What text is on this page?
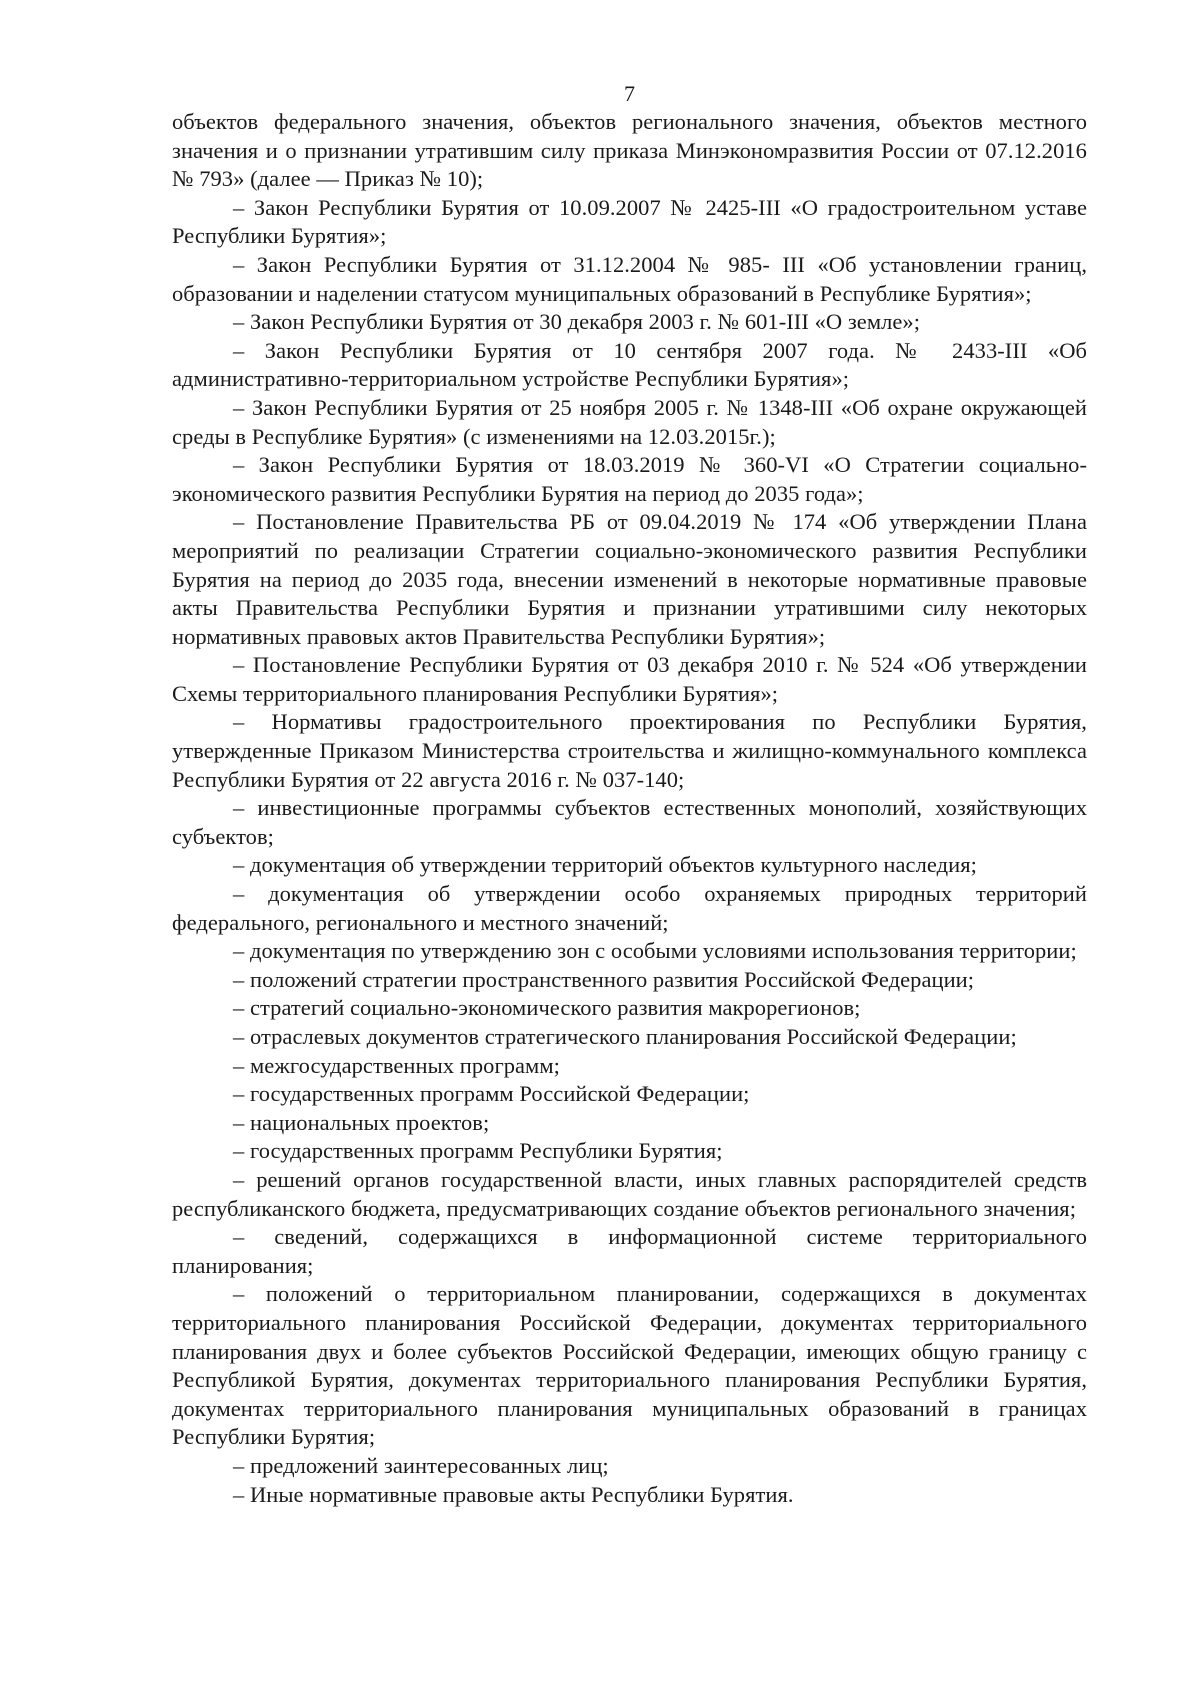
7

объектов федерального значения, объектов регионального значения, объектов местного значения и о признании утратившим силу приказа Минэкономразвития России от 07.12.2016 № 793» (далее — Приказ № 10);

– Закон Республики Бурятия от 10.09.2007 № 2425-III «О градостроительном уставе Республики Бурятия»;

– Закон Республики Бурятия от 31.12.2004 № 985- III «Об установлении границ, образовании и наделении статусом муниципальных образований в Республике Бурятия»;

– Закон Республики Бурятия от 30 декабря 2003 г. № 601-III «О земле»;

– Закон Республики Бурятия от 10 сентября 2007 года. № 2433-III «Об административно-территориальном устройстве Республики Бурятия»;

– Закон Республики Бурятия от 25 ноября 2005 г. № 1348-III «Об охране окружающей среды в Республике Бурятия» (с изменениями на 12.03.2015г.);

– Закон Республики Бурятия от 18.03.2019 № 360-VI «О Стратегии социально-экономического развития Республики Бурятия на период до 2035 года»;

– Постановление Правительства РБ от 09.04.2019 № 174 «Об утверждении Плана мероприятий по реализации Стратегии социально-экономического развития Республики Бурятия на период до 2035 года, внесении изменений в некоторые нормативные правовые акты Правительства Республики Бурятия и признании утратившими силу некоторых нормативных правовых актов Правительства Республики Бурятия»;

– Постановление Республики Бурятия от 03 декабря 2010 г. № 524 «Об утверждении Схемы территориального планирования Республики Бурятия»;

– Нормативы градостроительного проектирования по Республики Бурятия, утвержденные Приказом Министерства строительства и жилищно-коммунального комплекса Республики Бурятия от 22 августа 2016 г. № 037-140;

– инвестиционные программы субъектов естественных монополий, хозяйствующих субъектов;

– документация об утверждении территорий объектов культурного наследия;

– документация об утверждении особо охраняемых природных территорий федерального, регионального и местного значений;

– документация по утверждению зон с особыми условиями использования территории;

– положений стратегии пространственного развития Российской Федерации;

– стратегий социально-экономического развития макрорегионов;

– отраслевых документов стратегического планирования Российской Федерации;

– межгосударственных программ;

– государственных программ Российской Федерации;

– национальных проектов;

– государственных программ Республики Бурятия;

– решений органов государственной власти, иных главных распорядителей средств республиканского бюджета, предусматривающих создание объектов регионального значения;

– сведений, содержащихся в информационной системе территориального планирования;

– положений о территориальном планировании, содержащихся в документах территориального планирования Российской Федерации, документах территориального планирования двух и более субъектов Российской Федерации, имеющих общую границу с Республикой Бурятия, документах территориального планирования Республики Бурятия, документах территориального планирования муниципальных образований в границах Республики Бурятия;

– предложений заинтересованных лиц;

– Иные нормативные правовые акты Республики Бурятия.
